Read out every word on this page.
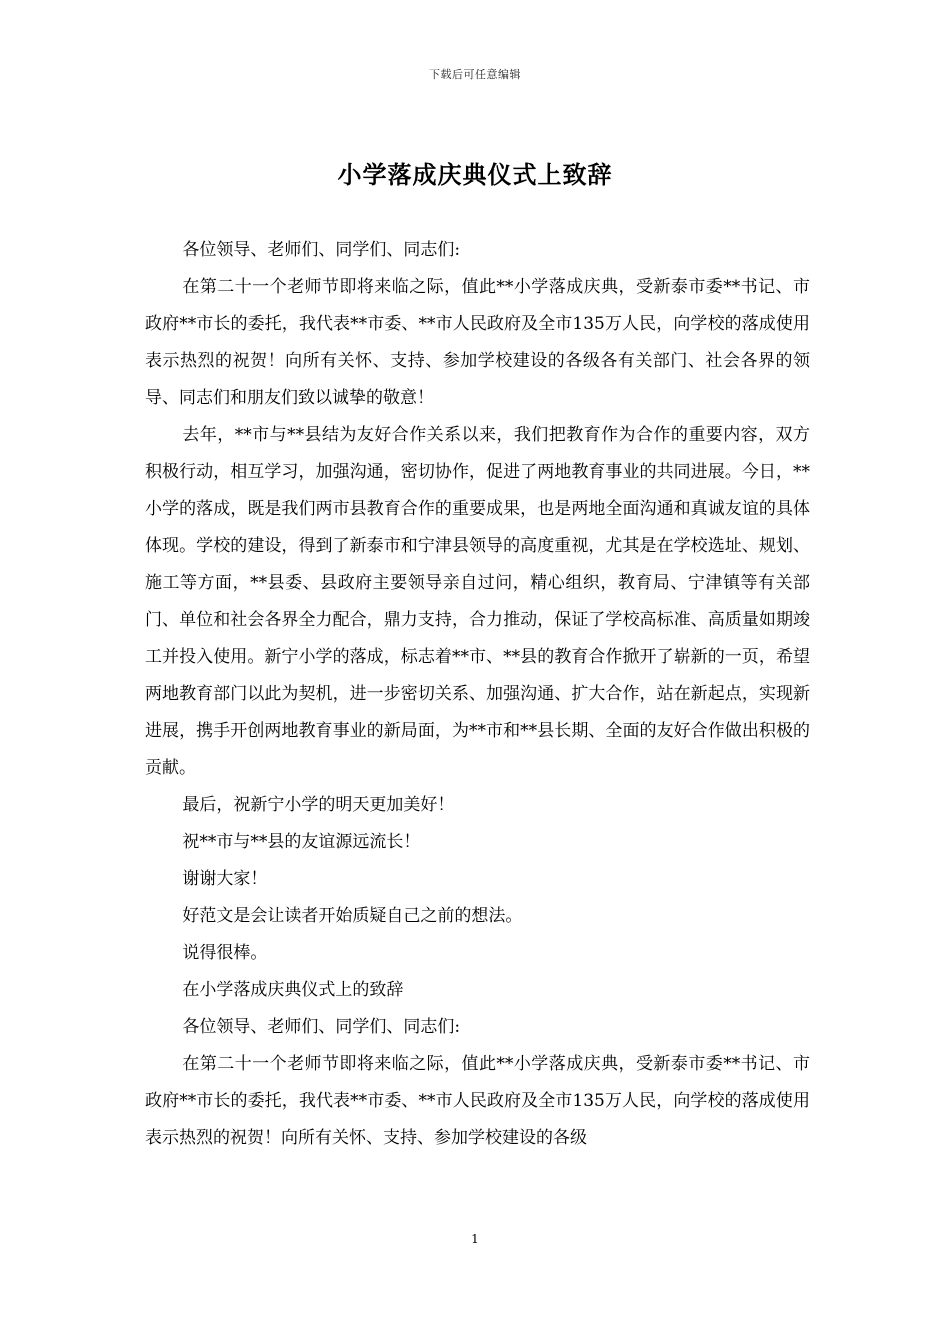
下载后可任意编辑
小学落成庆典仪式上致辞

各位领导、老师们、同学们、同志们:

在第二十一个老师节即将来临之际，值此**小学落成庆典，受新泰市委**书记、市政府**市长的委托，我代表**市委、**市人民政府及全市135万人民，向学校的落成使用表示热烈的祝贺！向所有关怀、支持、参加学校建设的各级各有关部门、社会各界的领导、同志们和朋友们致以诚挚的敬意！

去年，**市与**县结为友好合作关系以来，我们把教育作为合作的重要内容，双方积极行动，相互学习，加强沟通，密切协作，促进了两地教育事业的共同进展。今日，**小学的落成，既是我们两市县教育合作的重要成果，也是两地全面沟通和真诚友谊的具体体现。学校的建设，得到了新泰市和宁津县领导的高度重视，尤其是在学校选址、规划、施工等方面，**县委、县政府主要领导亲自过问，精心组织，教育局、宁津镇等有关部门、单位和社会各界全力配合，鼎力支持，合力推动，保证了学校高标准、高质量如期竣工并投入使用。新宁小学的落成，标志着**市、**县的教育合作掀开了崭新的一页，希望两地教育部门以此为契机，进一步密切关系、加强沟通、扩大合作，站在新起点，实现新进展，携手开创两地教育事业的新局面，为**市和**县长期、全面的友好合作做出积极的贡献。

最后，祝新宁小学的明天更加美好！

祝**市与**县的友谊源远流长！

谢谢大家！

好范文是会让读者开始质疑自己之前的想法。

说得很棒。

在小学落成庆典仪式上的致辞

各位领导、老师们、同学们、同志们:

在第二十一个老师节即将来临之际，值此**小学落成庆典，受新泰市委**书记、市政府**市长的委托，我代表**市委、**市人民政府及全市135万人民，向学校的落成使用表示热烈的祝贺！向所有关怀、支持、参加学校建设的各级

1
